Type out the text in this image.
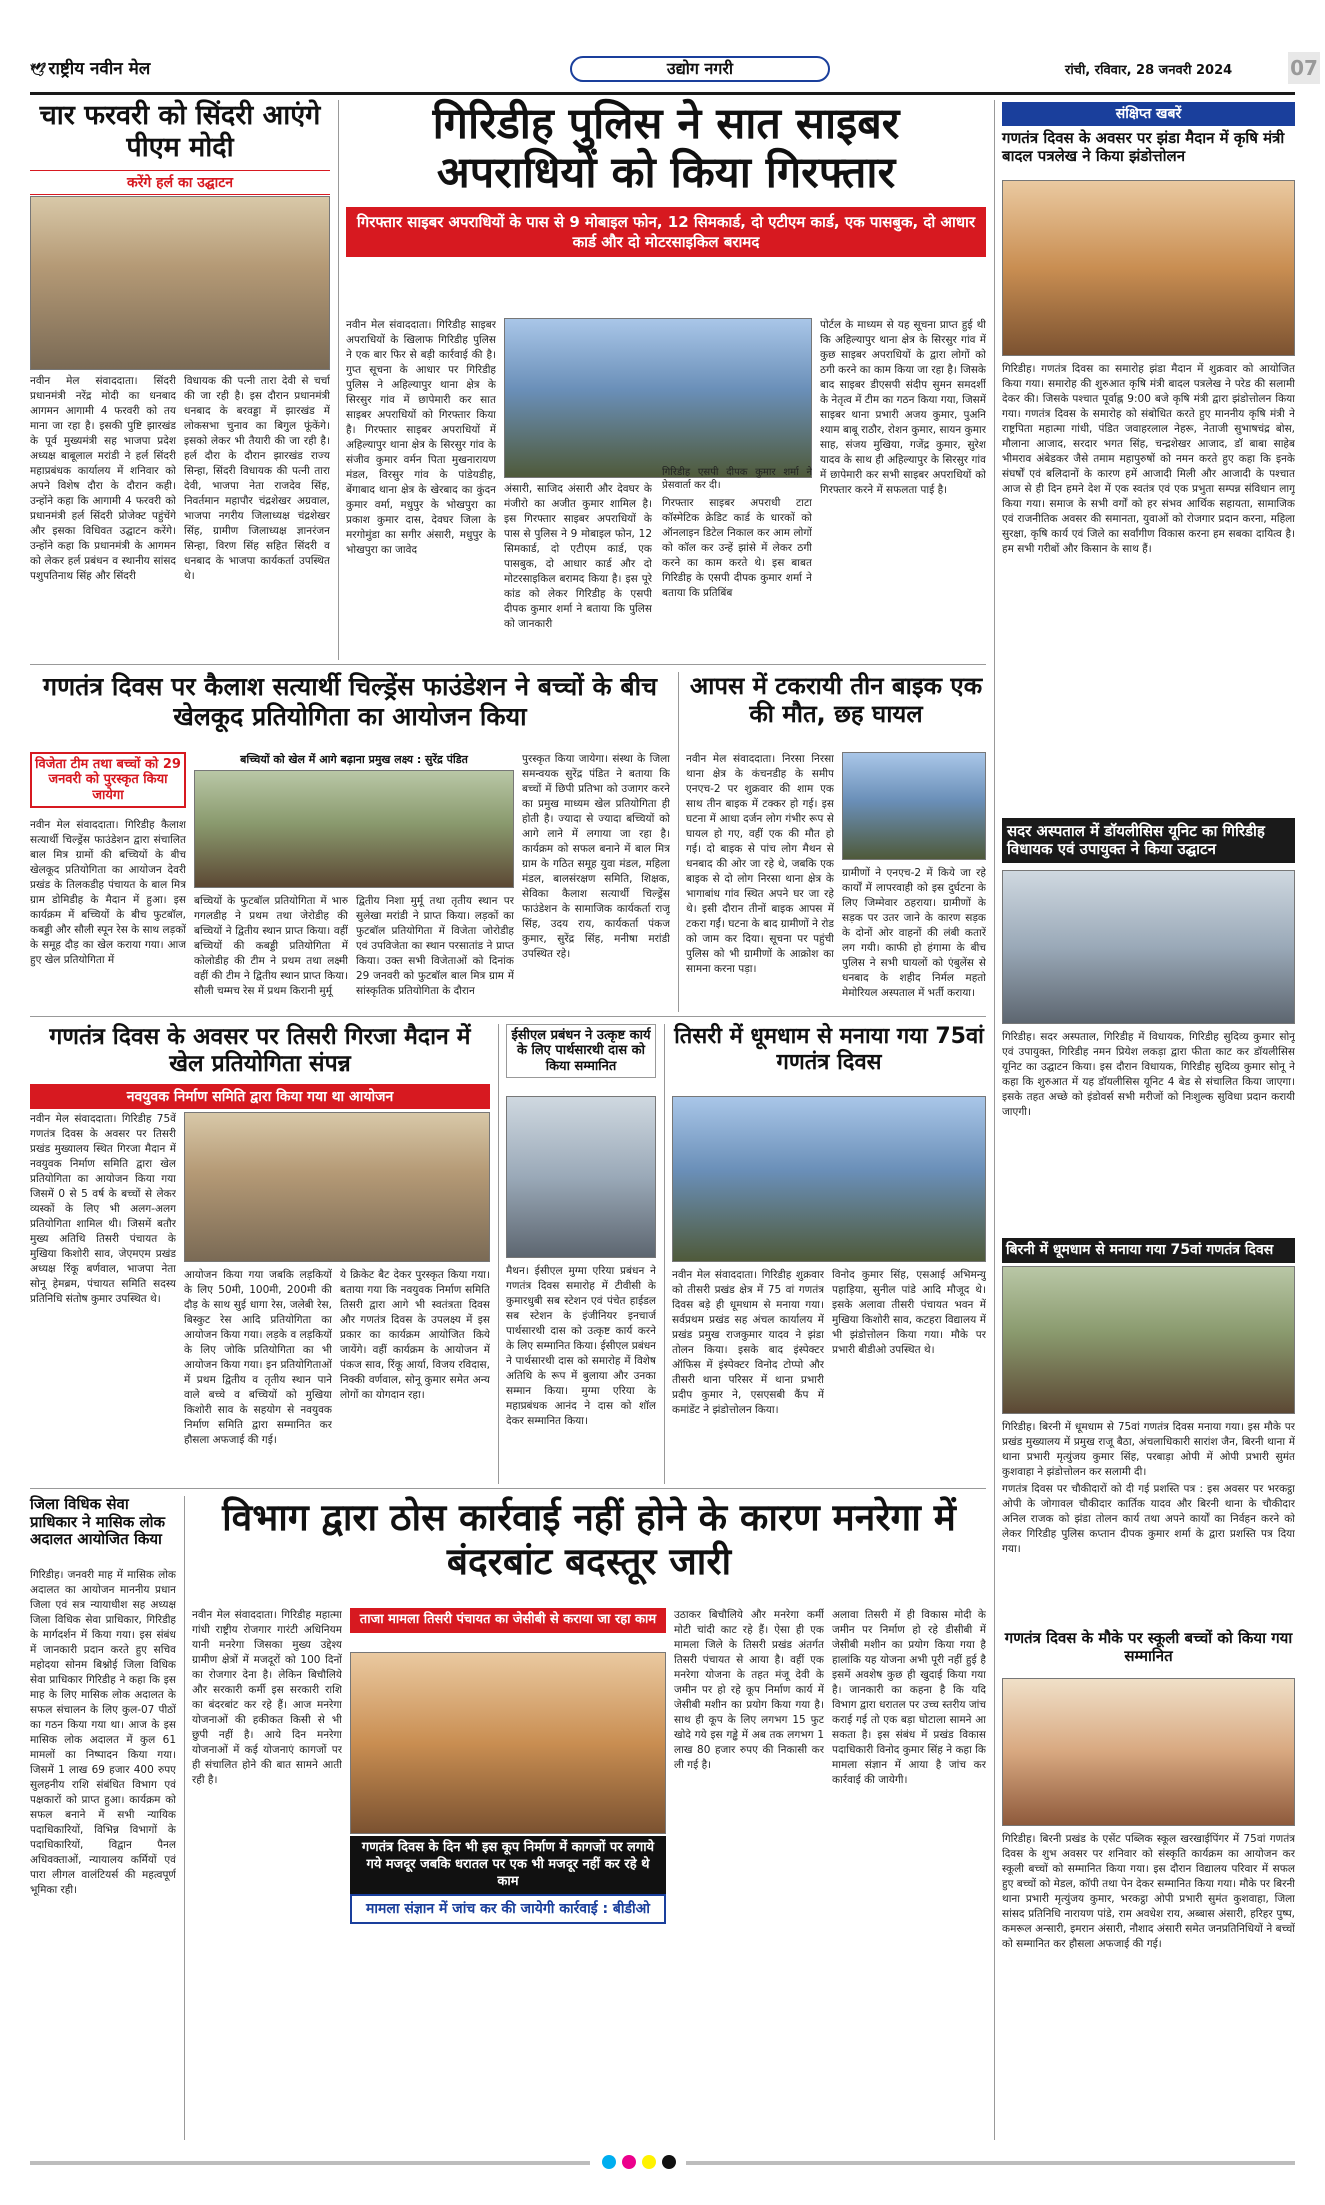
🕊 राष्ट्रीय नवीन मेल	उद्योग नगरी	रांची, रविवार, 28 जनवरी 2024	07
चार फरवरी को सिंदरी आएंगे पीएम मोदी
करेंगे हर्ल का उद्घाटन
नवीन मेल संवाददाता। सिंदरी प्रधानमंत्री नरेंद्र मोदी का धनबाद आगमन आगामी 4 फरवरी को तय माना जा रहा है। इसकी पुष्टि झारखंड के पूर्व मुख्यमंत्री सह भाजपा प्रदेश अध्यक्ष बाबूलाल मरांडी ने हर्ल सिंदरी महाप्रबंधक कार्यालय में शनिवार को अपने विशेष दौरा के दौरान कही। उन्होंने कहा कि आगामी 4 फरवरी को प्रधानमंत्री हर्ल सिंदरी प्रोजेक्ट पहुंचेंगे और इसका विधिवत उद्घाटन करेंगे। उन्होंने कहा कि प्रधानमंत्री के आगमन को लेकर हर्ल प्रबंधन व स्थानीय सांसद पशुपतिनाथ सिंह और सिंदरी
विधायक की पत्नी तारा देवी से चर्चा की जा रही है। इस दौरान प्रधानमंत्री धनबाद के बरवड्डा में झारखंड में लोकसभा चुनाव का बिगुल फूंकेंगे। इसको लेकर भी तैयारी की जा रही है। हर्ल दौरा के दौरान झारखंड राज्य सिन्हा, सिंदरी विधायक की पत्नी तारा देवी, भाजपा नेता राजदेव सिंह, निवर्तमान महापौर चंद्रशेखर अग्रवाल, भाजपा नगरीय जिलाध्यक्ष चंद्रशेखर सिंह, ग्रामीण जिलाध्यक्ष ज्ञानरंजन सिन्हा, विरण सिंह सहित सिंदरी व धनबाद के भाजपा कार्यकर्ता उपस्थित थे।
गिरिडीह पुलिस ने सात साइबर अपराधियों को किया गिरफ्तार
गिरफ्तार साइबर अपराधियों के पास से 9 मोबाइल फोन, 12 सिमकार्ड, दो एटीएम कार्ड, एक पासबुक, दो आधार कार्ड और दो मोटरसाइकिल बरामद
नवीन मेल संवाददाता। गिरिडीह साइबर अपराधियों के खिलाफ गिरिडीह पुलिस ने एक बार फिर से बड़ी कार्रवाई की है। गुप्त सूचना के आधार पर गिरिडीह पुलिस ने अहिल्यापुर थाना क्षेत्र के सिरसुर गांव में छापेमारी कर सात साइबर अपराधियों को गिरफ्तार किया है। गिरफ्तार साइबर अपराधियों में अहिल्यापुर थाना क्षेत्र के सिरसुर गांव के संजीव कुमार वर्मन पिता मुखनारायण मंडल, विरसुर गांव के पांडेयडीह, बेंगाबाद थाना क्षेत्र के खेरबाद का कुंदन कुमार वर्मा, मधुपुर के भोखपुरा का प्रकाश कुमार दास, देवघर जिला के मरगोमुंडा का सगीर अंसारी, मधुपुर के भोखपुरा का जावेद
अंसारी, साजिद अंसारी और देवघर के मंजीरो का अजीत कुमार शामिल है। इस गिरफ्तार साइबर अपराधियों के पास से पुलिस ने 9 मोबाइल फोन, 12 सिमकार्ड, दो एटीएम कार्ड, एक पासबुक, दो आधार कार्ड और दो मोटरसाइकिल बरामद किया है। इस पूरे कांड को लेकर गिरिडीह के एसपी दीपक कुमार शर्मा ने बताया कि पुलिस को जानकारी
गिरिडीह एसपी दीपक कुमार शर्मा ने प्रेसवार्ता कर दी।
गिरफ्तार साइबर अपराधी टाटा कॉस्मेटिक क्रेडिट कार्ड के धारकों को ऑनलाइन डिटेल निकाल कर आम लोगों को कॉल कर उन्हें झांसे में लेकर ठगी करने का काम करते थे। इस बाबत गिरिडीह के एसपी दीपक कुमार शर्मा ने बताया कि प्रतिबिंब
पोर्टल के माध्यम से यह सूचना प्राप्त हुई थी कि अहिल्यापुर थाना क्षेत्र के सिरसुर गांव में कुछ साइबर अपराधियों के द्वारा लोगों को ठगी करने का काम किया जा रहा है। जिसके बाद साइबर डीएसपी संदीप सुमन समदर्शी के नेतृत्व में टीम का गठन किया गया, जिसमें साइबर थाना प्रभारी अजय कुमार, पुअनि श्याम बाबू राठौर, रोशन कुमार, सायन कुमार साह, संजय मुखिया, गजेंद्र कुमार, सुरेश यादव के साथ ही अहिल्यापुर के सिरसुर गांव में छापेमारी कर सभी साइबर अपराधियों को गिरफ्तार करने में सफलता पाई है।
संक्षिप्त खबरें
गणतंत्र दिवस के अवसर पर झंडा मैदान में कृषि मंत्री बादल पत्रलेख ने किया झंडोत्तोलन
गिरिडीह। गणतंत्र दिवस का समारोह झंडा मैदान में शुक्रवार को आयोजित किया गया। समारोह की शुरुआत कृषि मंत्री बादल पत्रलेख ने परेड की सलामी देकर की। जिसके पश्चात पूर्वाह्न 9:00 बजे कृषि मंत्री द्वारा झंडोत्तोलन किया गया। गणतंत्र दिवस के समारोह को संबोधित करते हुए माननीय कृषि मंत्री ने राष्ट्रपिता महात्मा गांधी, पंडित जवाहरलाल नेहरू, नेताजी सुभाषचंद्र बोस, मौलाना आजाद, सरदार भगत सिंह, चन्द्रशेखर आजाद, डॉ बाबा साहेब भीमराव अंबेडकर जैसे तमाम महापुरुषों को नमन करते हुए कहा कि इनके संघर्षों एवं बलिदानों के कारण हमें आजादी मिली और आजादी के पश्चात आज से ही दिन हमने देश में एक स्वतंत्र एवं एक प्रभुता सम्पन्न संविधान लागू किया गया। समाज के सभी वर्गों को हर संभव आर्थिक सहायता, सामाजिक एवं राजनीतिक अवसर की समानता, युवाओं को रोजगार प्रदान करना, महिला सुरक्षा, कृषि कार्य एवं जिले का सर्वांगीण विकास करना हम सबका दायित्व है। हम सभी गरीबों और किसान के साथ हैं।
सदर अस्पताल में डॉयलीसिस यूनिट का गिरिडीह विधायक एवं उपायुक्त ने किया उद्घाटन
गिरिडीह। सदर अस्पताल, गिरिडीह में विधायक, गिरिडीह सुदिव्य कुमार सोनू एवं उपायुक्त, गिरिडीह नमन प्रियेश लकड़ा द्वारा फीता काट कर डॉयलीसिस यूनिट का उद्घाटन किया। इस दौरान विधायक, गिरिडीह सुदिव्य कुमार सोनू ने कहा कि शुरुआत में यह डॉयलीसिस यूनिट 4 बेड से संचालित किया जाएगा। इसके तहत अच्छे को इंडोवर्स सभी मरीजों को निःशुल्क सुविधा प्रदान करायी जाएगी।
बिरनी में धूमधाम से मनाया गया 75वां गणतंत्र दिवस
गिरिडीह। बिरनी में धूमधाम से 75वां गणतंत्र दिवस मनाया गया। इस मौके पर प्रखंड मुख्यालय में प्रमुख राजू बैठा, अंचलाधिकारी सारांश जैन, बिरनी थाना में थाना प्रभारी मृत्युंजय कुमार सिंह, परबाड़ा ओपी में ओपी प्रभारी सुमंत कुशवाहा ने झंडोत्तोलन कर सलामी दी।
गणतंत्र दिवस पर चौकीदारों को दी गई प्रशस्ति पत्र : इस अवसर पर भरकट्ठा ओपी के जोगावल चौकीदार कार्तिक यादव और बिरनी थाना के चौकीदार अनिल राजक को झंडा तोलन कार्य तथा अपने कार्यों का निर्वहन करने को लेकर गिरिडीह पुलिस कप्तान दीपक कुमार शर्मा के द्वारा प्रशस्ति पत्र दिया गया।
गणतंत्र दिवस के मौके पर स्कूली बच्चों को किया गया सम्मानित
गिरिडीह। बिरनी प्रखंड के एसेंट पब्लिक स्कूल खरखाईपिंगर में 75वां गणतंत्र दिवस के शुभ अवसर पर शनिवार को संस्कृति कार्यक्रम का आयोजन कर स्कूली बच्चों को सम्मानित किया गया। इस दौरान विद्यालय परिवार में सफल हुए बच्चों को मेडल, कॉपी तथा पेन देकर सम्मानित किया गया। मौके पर बिरनी थाना प्रभारी मृत्युंजय कुमार, भरकट्ठा ओपी प्रभारी सुमंत कुशवाहा, जिला सांसद प्रतिनिधि नारायण पांडे, राम अवधेश राय, अब्बास अंसारी, हरिहर पुष्प, कमरूल अन्सारी, इमरान अंसारी, नौशाद अंसारी समेत जनप्रतिनिधियों ने बच्चों को सम्मानित कर हौसला अफजाई की गई।
गणतंत्र दिवस पर कैलाश सत्यार्थी चिल्ड्रेंस फाउंडेशन ने बच्चों के बीच खेलकूद प्रतियोगिता का आयोजन किया
विजेता टीम तथा बच्चों को 29 जनवरी को पुरस्कृत किया जायेगा
नवीन मेल संवाददाता। गिरिडीह कैलाश सत्यार्थी चिल्ड्रेंस फाउंडेशन द्वारा संचालित बाल मित्र ग्रामों की बच्चियों के बीच खेलकूद प्रतियोगिता का आयोजन देवरी प्रखंड के तिलकडीह पंचायत के बाल मित्र ग्राम डोमिडीह के मैदान में हुआ। इस कार्यक्रम में बच्चियों के बीच फुटबॉल, कबड्डी और सौली स्पून रेस के साथ लड़कों के समूह दौड़ का खेल कराया गया। आज हुए खेल प्रतियोगिता में
बच्चियों को खेल में आगे बढ़ाना प्रमुख लक्ष्य : सुरेंद्र पंडित
बच्चियों के फुटबॉल प्रतियोगिता में भारु गगलडीह ने प्रथम तथा जेरोडीह की बच्चियों ने द्वितीय स्थान प्राप्त किया। वहीं बच्चियों की कबड्डी प्रतियोगिता में कोलोडीह की टीम ने प्रथम तथा लक्ष्मी वहीं की टीम ने द्वितीय स्थान प्राप्त किया। सौली चम्मच रेस में प्रथम किरानी मुर्मू
द्वितीय निशा मुर्मू तथा तृतीय स्थान पर सुलेखा मरांडी ने प्राप्त किया। लड़कों का फुटबॉल प्रतियोगिता में विजेता जोरोडीह एवं उपविजेता का स्थान परसातांड ने प्राप्त किया। उक्त सभी विजेताओं को दिनांक 29 जनवरी को फुटबॉल बाल मित्र ग्राम में सांस्कृतिक प्रतियोगिता के दौरान
पुरस्कृत किया जायेगा। संस्था के जिला समन्वयक सुरेंद्र पंडित ने बताया कि बच्चों में छिपी प्रतिभा को उजागर करने का प्रमुख माध्यम खेल प्रतियोगिता ही होती है। ज्यादा से ज्यादा बच्चियों को आगे लाने में लगाया जा रहा है। कार्यक्रम को सफल बनाने में बाल मित्र ग्राम के गठित समूह युवा मंडल, महिला मंडल, बालसंरक्षण समिति, शिक्षक, सेविका कैलाश सत्यार्थी चिल्ड्रेंस फाउंडेशन के सामाजिक कार्यकर्ता राजू सिंह, उदय राय, कार्यकर्ता पंकज कुमार, सुरेंद्र सिंह, मनीषा मरांडी उपस्थित रहे।
आपस में टकरायी तीन बाइक एक की मौत, छह घायल
नवीन मेल संवाददाता। निरसा निरसा थाना क्षेत्र के कंचनडीह के समीप एनएच-2 पर शुक्रवार की शाम एक साथ तीन बाइक में टक्कर हो गई। इस घटना में आधा दर्जन लोग गंभीर रूप से घायल हो गए, वहीं एक की मौत हो गई। दो बाइक से पांच लोग मैथन से धनबाद की ओर जा रहे थे, जबकि एक बाइक से दो लोग निरसा थाना क्षेत्र के भागाबांध गांव स्थित अपने घर जा रहे थे। इसी दौरान तीनों बाइक आपस में टकरा गईं। घटना के बाद ग्रामीणों ने रोड को जाम कर दिया। सूचना पर पहुंची पुलिस को भी ग्रामीणों के आक्रोश का सामना करना पड़ा।
ग्रामीणों ने एनएच-2 में किये जा रहे कार्यों में लापरवाही को इस दुर्घटना के लिए जिम्मेवार ठहराया। ग्रामीणों के सड़क पर उतर जाने के कारण सड़क के दोनों ओर वाहनों की लंबी कतारें लग गयी। काफी हो हंगामा के बीच पुलिस ने सभी घायलों को एंबुलेंस से धनबाद के शहीद निर्मल महतो मेमोरियल अस्पताल में भर्ती कराया।
गणतंत्र दिवस के अवसर पर तिसरी गिरजा मैदान में खेल प्रतियोगिता संपन्न
नवयुवक निर्माण समिति द्वारा किया गया था आयोजन
नवीन मेल संवाददाता। गिरिडीह 75वें गणतंत्र दिवस के अवसर पर तिसरी प्रखंड मुख्यालय स्थित गिरजा मैदान में नवयुवक निर्माण समिति द्वारा खेल प्रतियोगिता का आयोजन किया गया जिसमें 0 से 5 वर्ष के बच्चों से लेकर व्यस्कों के लिए भी अलग-अलग प्रतियोगिता शामिल थी। जिसमें बतौर मुख्य अतिथि तिसरी पंचायत के मुखिया किशोरी साव, जेएमएम प्रखंड अध्यक्ष रिंकू बर्णवाल, भाजपा नेता सोनू हेमब्रम, पंचायत समिति सदस्य प्रतिनिधि संतोष कुमार उपस्थित थे।
आयोजन किया गया जबकि लड़कियों के लिए 50मी, 100मी, 200मी की दौड़ के साथ सुई धागा रेस, जलेबी रेस, बिस्कुट रेस आदि प्रतियोगिता का आयोजन किया गया। लड़के व लड़कियों के लिए जोकि प्रतियोगिता का भी आयोजन किया गया। इन प्रतियोगिताओं में प्रथम द्वितीय व तृतीय स्थान पाने वाले बच्चे व बच्चियों को मुखिया किशोरी साव के सहयोग से नवयुवक निर्माण समिति द्वारा सम्मानित कर हौसला अफजाई की गई।
ये क्रिकेट बैट देकर पुरस्कृत किया गया। बताया गया कि नवयुवक निर्माण समिति तिसरी द्वारा आगे भी स्वतंत्रता दिवस और गणतंत्र दिवस के उपलक्ष्य में इस प्रकार का कार्यक्रम आयोजित किये जायेंगे। वहीं कार्यक्रम के आयोजन में पंकज साव, रिंकू आर्या, विजय रविदास, निक्की वर्णवाल, सोनू कुमार समेत अन्य लोगों का योगदान रहा।
ईसीएल प्रबंधन ने उत्कृष्ट कार्य के लिए पार्थसारथी दास को किया सम्मानित
मैथन। ईसीएल मुग्मा एरिया प्रबंधन ने गणतंत्र दिवस समारोह में टीवीसी के कुमारधुबी सब स्टेशन एवं पंचेत हाईडल सब स्टेशन के इंजीनियर इनचार्ज पार्थसारथी दास को उत्कृष्ट कार्य करने के लिए सम्मानित किया। ईसीएल प्रबंधन ने पार्थसारथी दास को समारोह में विशेष अतिथि के रूप में बुलाया और उनका सम्मान किया। मुग्मा एरिया के महाप्रबंधक आनंद ने दास को शॉल देकर सम्मानित किया।
तिसरी में धूमधाम से मनाया गया 75वां गणतंत्र दिवस
नवीन मेल संवाददाता। गिरिडीह शुक्रवार को तीसरी प्रखंड क्षेत्र में 75 वां गणतंत्र दिवस बड़े ही धूमधाम से मनाया गया। सर्वप्रथम प्रखंड सह अंचल कार्यालय में प्रखंड प्रमुख राजकुमार यादव ने झंडा तोलन किया। इसके बाद इंस्पेक्टर ऑफिस में इंस्पेक्टर विनोद टोप्पो और तीसरी थाना परिसर में थाना प्रभारी प्रदीप कुमार ने, एसएसबी कैंप में कमांडेंट ने झंडोत्तोलन किया।
विनोद कुमार सिंह, एसआई अभिमन्यु पहाड़िया, सुनील पांडे आदि मौजूद थे। इसके अलावा तीसरी पंचायत भवन में मुखिया किशोरी साव, कटहरा विद्यालय में भी झंडोत्तोलन किया गया। मौके पर प्रभारी बीडीओ उपस्थित थे।
जिला विधिक सेवा प्राधिकार ने मासिक लोक अदालत आयोजित किया
गिरिडीह। जनवरी माह में मासिक लोक अदालत का आयोजन माननीय प्रधान जिला एवं सत्र न्यायाधीश सह अध्यक्ष जिला विधिक सेवा प्राधिकार, गिरिडीह के मार्गदर्शन में किया गया। इस संबंध में जानकारी प्रदान करते हुए सचिव महोदया सोनम बिश्नोई जिला विधिक सेवा प्राधिकार गिरिडीह ने कहा कि इस माह के लिए मासिक लोक अदालत के सफल संचालन के लिए कुल-07 पीठों का गठन किया गया था। आज के इस मासिक लोक अदालत में कुल 61 मामलों का निष्पादन किया गया। जिसमें 1 लाख 69 हजार 400 रुपए सुलहनीय राशि संबंधित विभाग एवं पक्षकारों को प्राप्त हुआ। कार्यक्रम को सफल बनाने में सभी न्यायिक पदाधिकारियों, विभिन्न विभागों के पदाधिकारियों, विद्वान पैनल अधिवक्ताओं, न्यायालय कर्मियों एवं पारा लीगल वालंटियर्स की महत्वपूर्ण भूमिका रही।
विभाग द्वारा ठोस कार्रवाई नहीं होने के कारण मनरेगा में बंदरबांट बदस्तूर जारी
नवीन मेल संवाददाता। गिरिडीह महात्मा गांधी राष्ट्रीय रोजगार गारंटी अधिनियम यानी मनरेगा जिसका मुख्य उद्देश्य ग्रामीण क्षेत्रों में मजदूरों को 100 दिनों का रोजगार देना है। लेकिन बिचौलिये और सरकारी कर्मी इस सरकारी राशि का बंदरबांट कर रहे हैं। आज मनरेगा योजनाओं की हकीकत किसी से भी छुपी नहीं है। आये दिन मनरेगा योजनाओं में कई योजनाएं कागजों पर ही संचालित होने की बात सामने आती रही है।
ताजा मामला तिसरी पंचायत का जेसीबी से कराया जा रहा काम
गणतंत्र दिवस के दिन भी इस कूप निर्माण में कागजों पर लगाये गये मजदूर जबकि धरातल पर एक भी मजदूर नहीं कर रहे थे काम
मामला संज्ञान में जांच कर की जायेगी कार्रवाई : बीडीओ
उठाकर बिचौलिये और मनरेगा कर्मी मोटी चांदी काट रहे हैं। ऐसा ही एक मामला जिले के तिसरी प्रखंड अंतर्गत तिसरी पंचायत से आया है। वहीं एक मनरेगा योजना के तहत मंजू देवी के जमीन पर हो रहे कूप निर्माण कार्य में जेसीबी मशीन का प्रयोग किया गया है। साथ ही कूप के लिए लगभग 15 फुट खोदे गये इस गड्ढे में अब तक लगभग 1 लाख 80 हजार रुपए की निकासी कर ली गई है।
अलावा तिसरी में ही विकास मोदी के जमीन पर निर्माण हो रहे डीसीबी में जेसीबी मशीन का प्रयोग किया गया है हालांकि यह योजना अभी पूरी नहीं हुई है इसमें अवशेष कुछ ही खुदाई किया गया है। जानकारी का कहना है कि यदि विभाग द्वारा धरातल पर उच्च स्तरीय जांच कराई गई तो एक बड़ा घोटाला सामने आ सकता है। इस संबंध में प्रखंड विकास पदाधिकारी विनोद कुमार सिंह ने कहा कि मामला संज्ञान में आया है जांच कर कार्रवाई की जायेगी।
